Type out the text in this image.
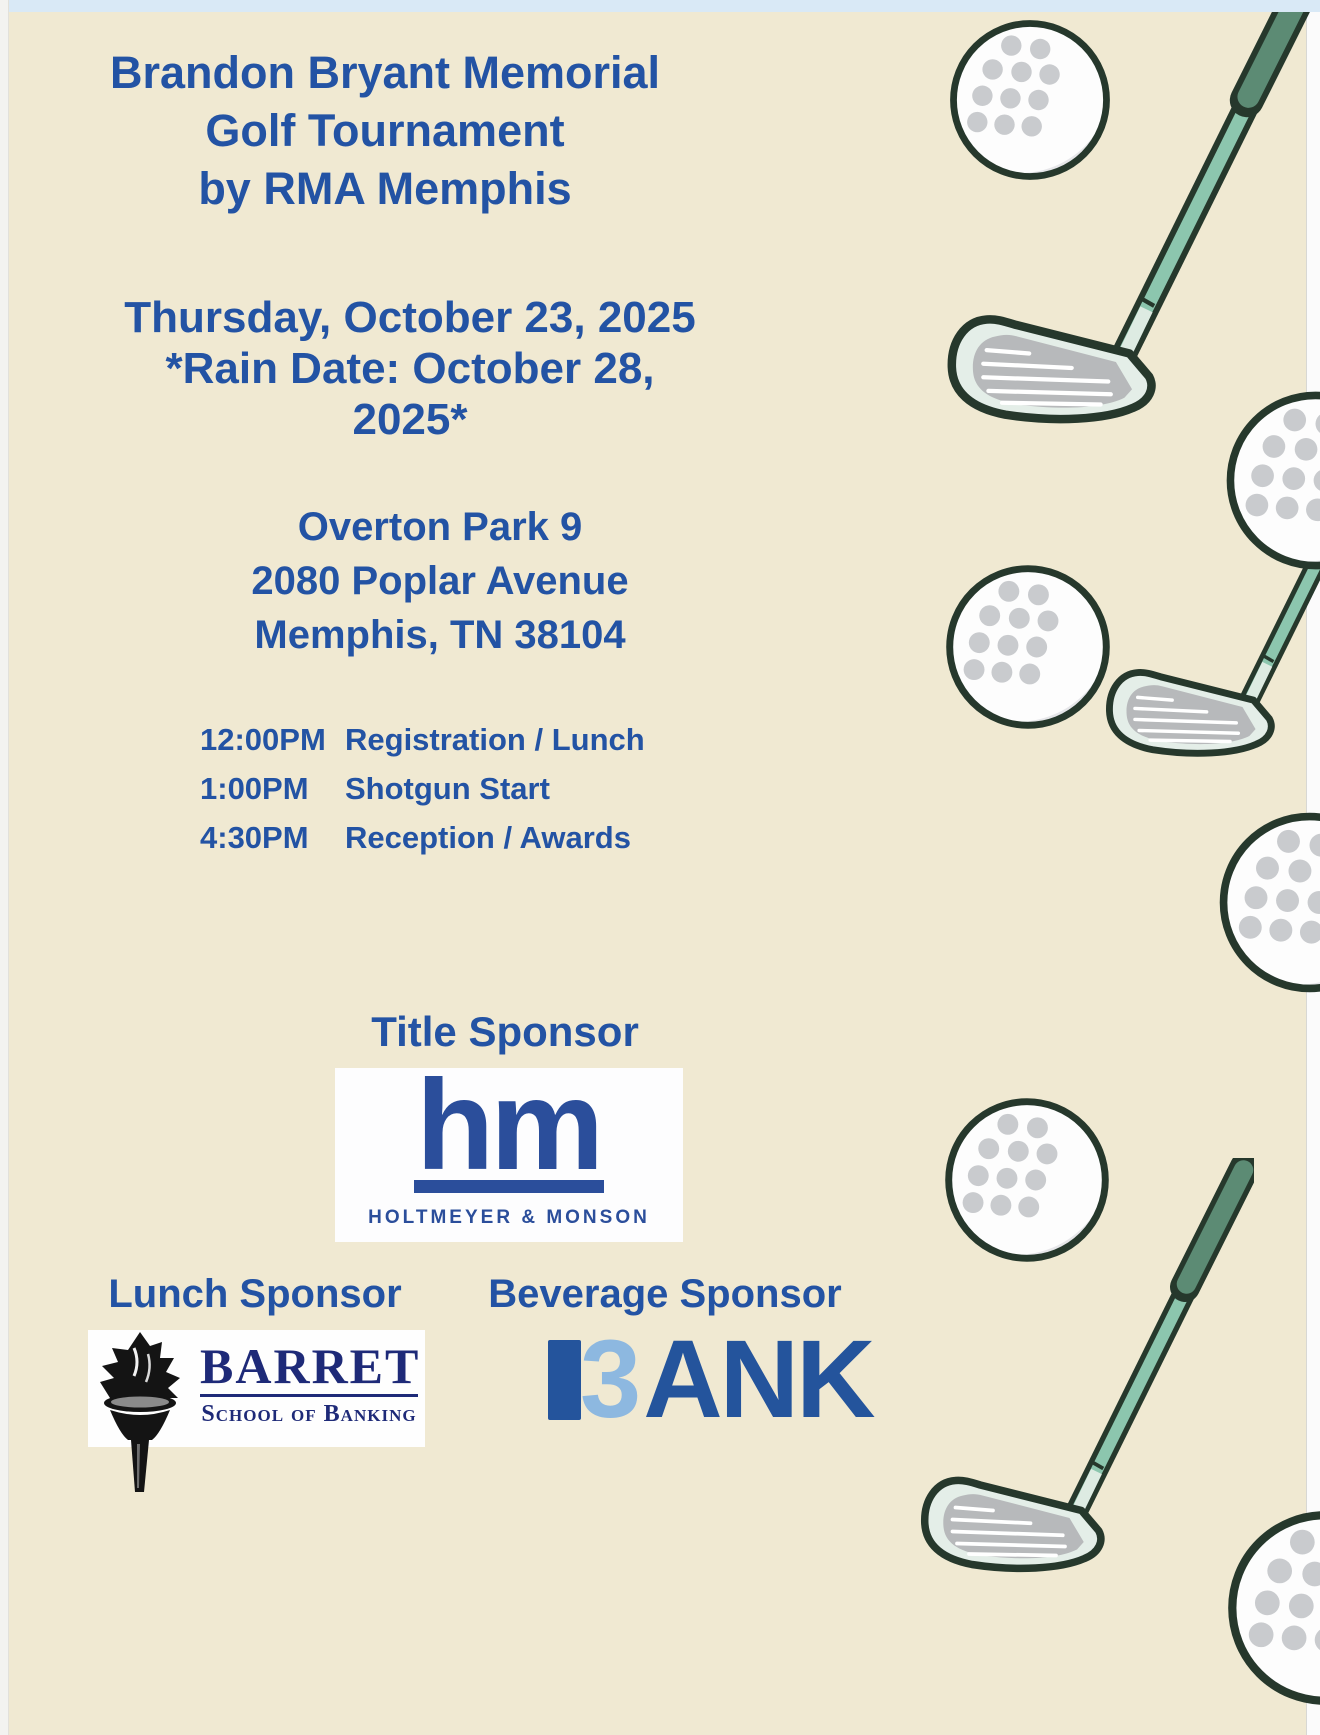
Brandon Bryant Memorial
Golf Tournament
by RMA Memphis
Thursday, October 23, 2025
*Rain Date: October 28,
2025*
Overton Park 9
2080 Poplar Avenue
Memphis, TN 38104
12:00PM Registration / Lunch
1:00PM	Shotgun Start
4:30PM	Reception / Awards
Title Sponsor
hm
HOLTMEYER & MONSON
Lunch Sponsor	Beverage Sponsor
BARRET
School of Banking 3 ANK
